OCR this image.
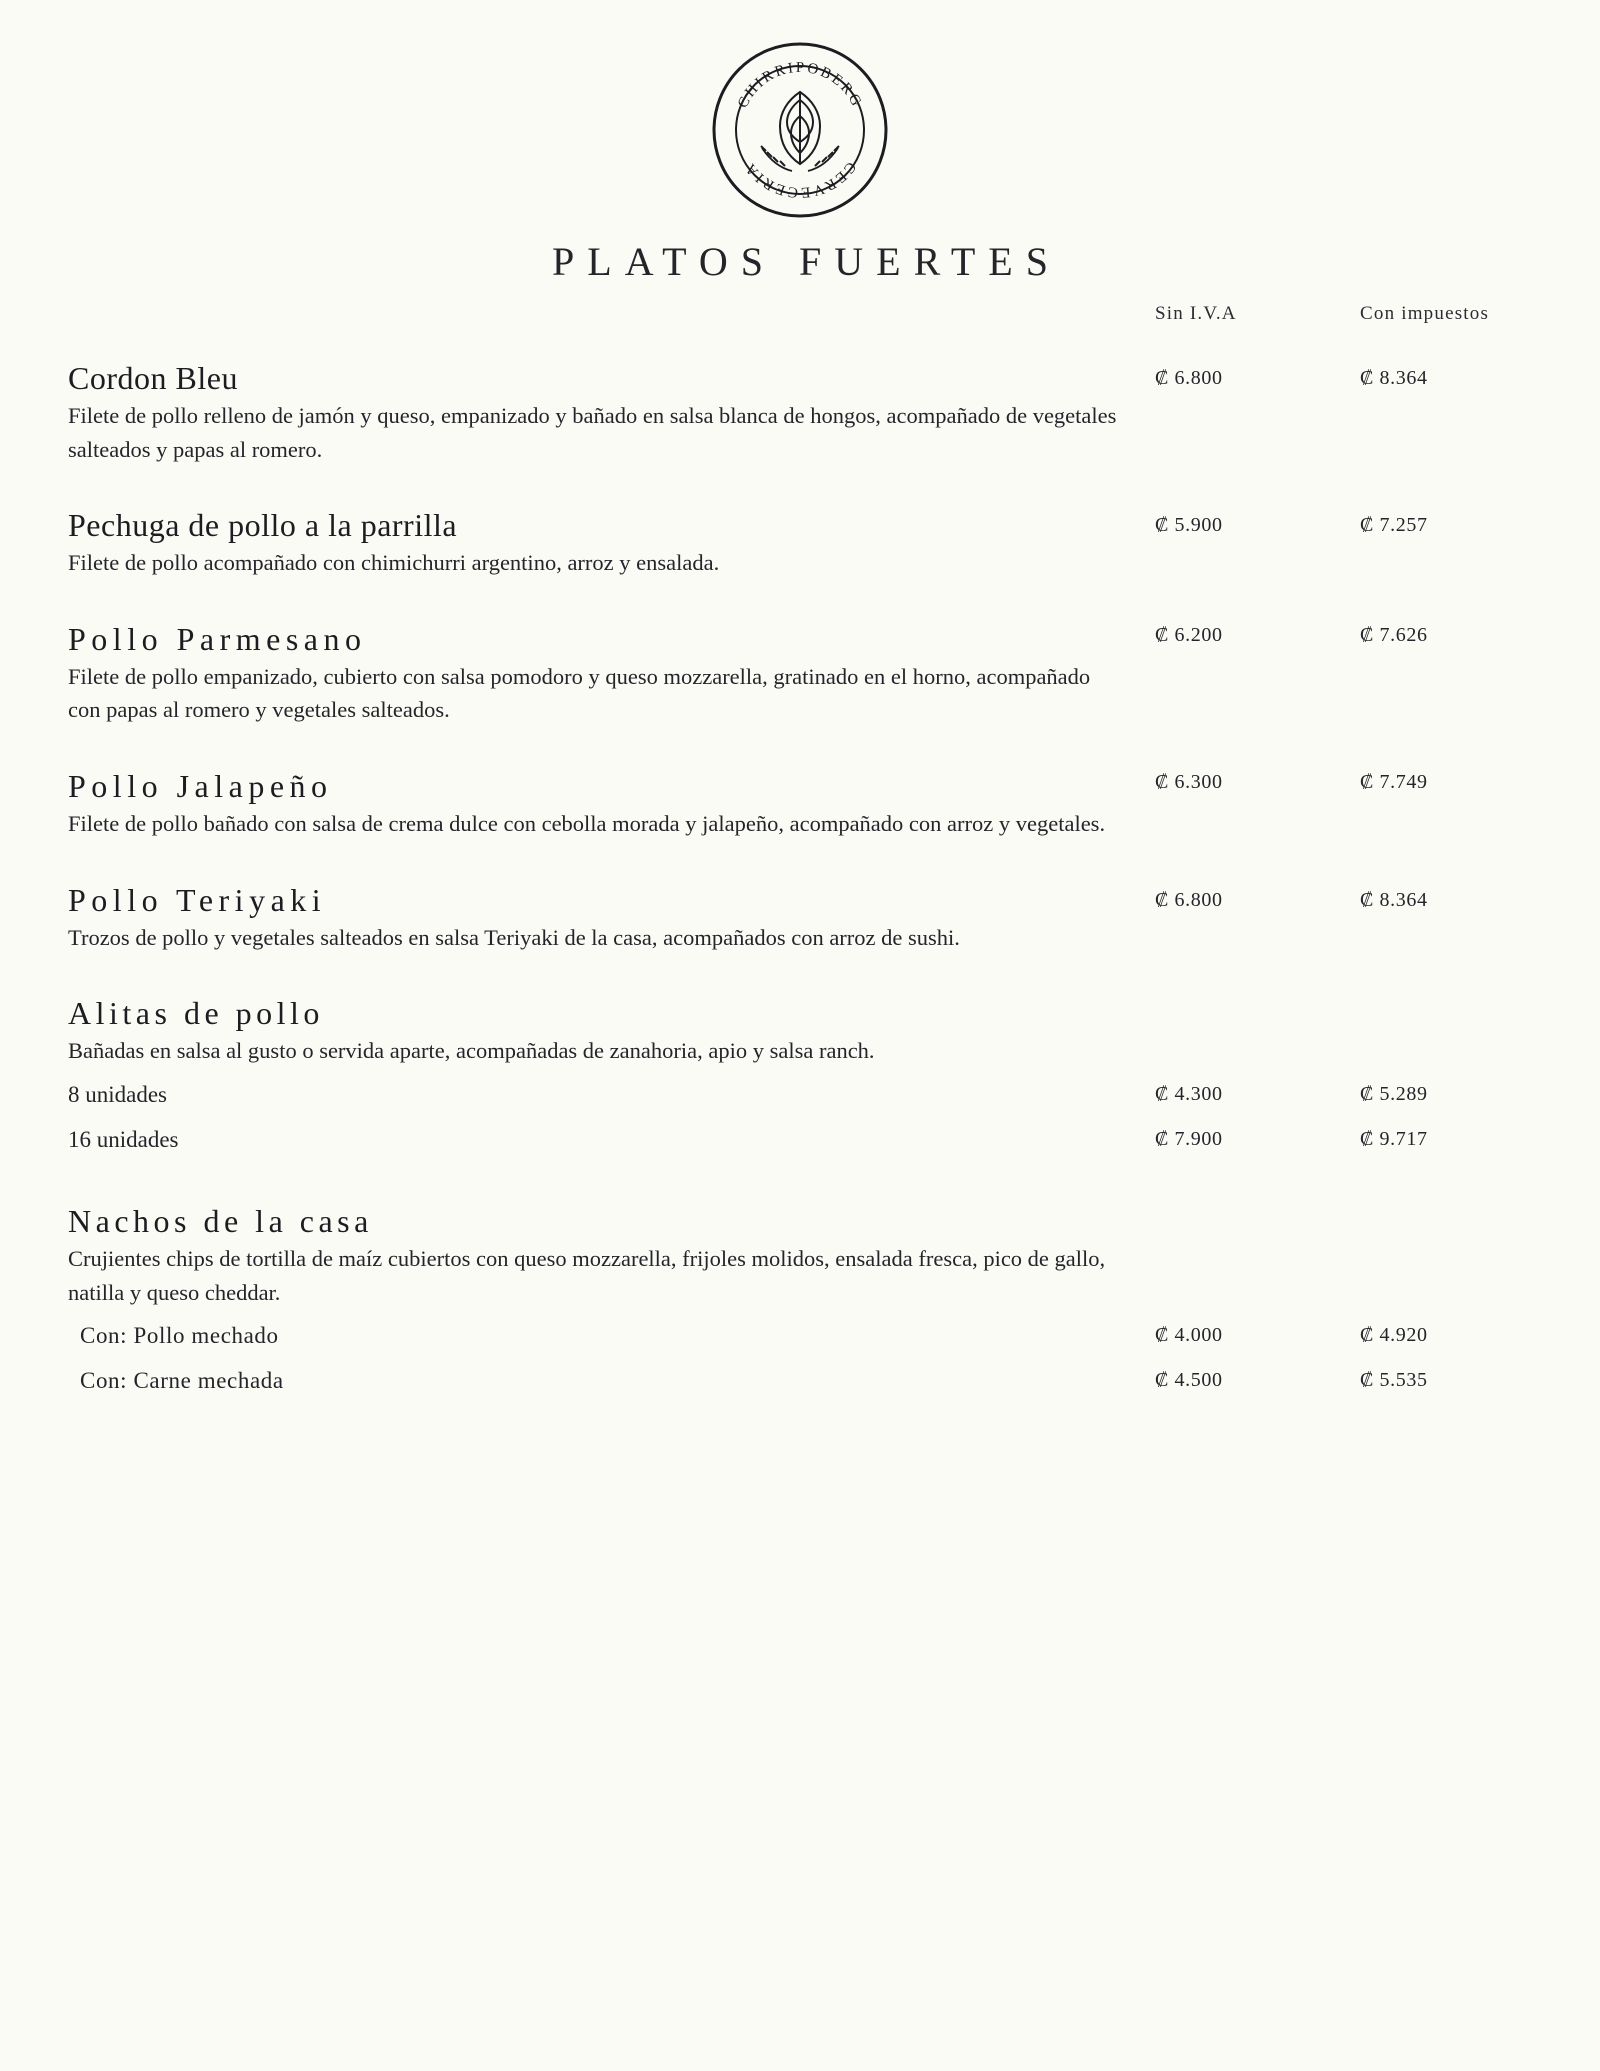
CHIRRIPOBERG
CERVECERIA
PLATOS FUERTES
Sin I.V.A	Con impuestos
Cordon Bleu	₡ 6.800	₡ 8.364
Filete de pollo relleno de jamón y queso, empanizado y bañado en salsa blanca de hongos, acompañado de vegetales salteados y papas al romero.
Pechuga de pollo a la parrilla	₡ 5.900	₡ 7.257
Filete de pollo acompañado con chimichurri argentino, arroz y ensalada.
Pollo Parmesano	₡ 6.200	₡ 7.626
Filete de pollo empanizado, cubierto con salsa pomodoro y queso mozzarella, gratinado en el horno, acompañado con papas al romero y vegetales salteados.
Pollo Jalapeño	₡ 6.300	₡ 7.749
Filete de pollo bañado con salsa de crema dulce con cebolla morada y jalapeño, acompañado con arroz y vegetales.
Pollo Teriyaki	₡ 6.800	₡ 8.364
Trozos de pollo y vegetales salteados en salsa Teriyaki de la casa, acompañados con arroz de sushi.
Alitas de pollo
Bañadas en salsa al gusto o servida aparte, acompañadas de zanahoria, apio y salsa ranch.
8 unidades	₡ 4.300	₡ 5.289
16 unidades	₡ 7.900	₡ 9.717
Nachos de la casa
Crujientes chips de tortilla de maíz cubiertos con queso mozzarella, frijoles molidos, ensalada fresca, pico de gallo, natilla y queso cheddar.
Con: Pollo mechado	₡ 4.000	₡ 4.920
Con: Carne mechada	₡ 4.500	₡ 5.535
